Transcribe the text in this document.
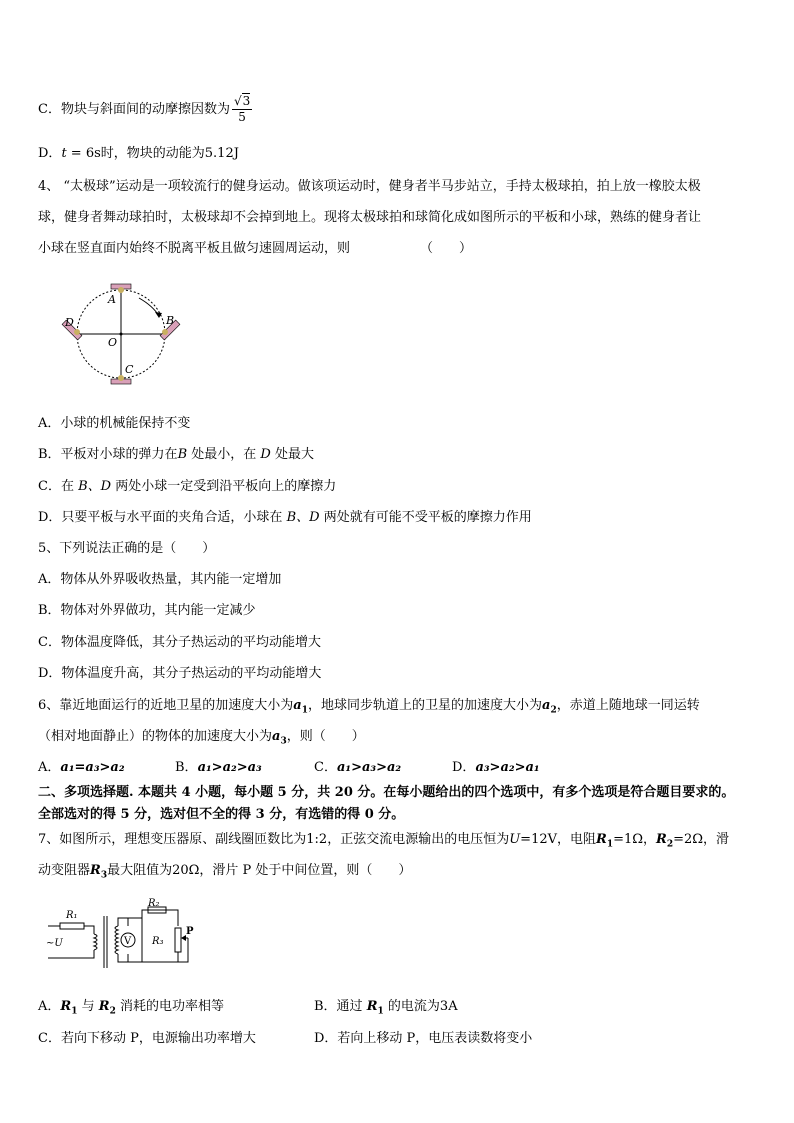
C．物块与斜面间的动摩擦因数为 $\frac{√3}{5}$
D．t = 6s时，物块的动能为5.12J
4、 “太极球”运动是一项较流行的健身运动。做该项运动时，健身者半马步站立，手持太极球拍，拍上放一橡胶太极
球，健身者舞动球拍时，太极球却不会掉到地上。现将太极球拍和球简化成如图所示的平板和小球，熟练的健身者让
小球在竖直面内始终不脱离平板且做匀速圆周运动，则	（　　）
A
B
D
C
O
A．小球的机械能保持不变
B．平板对小球的弹力在B 处最小，在 D 处最大
C．在 B、D 两处小球一定受到沿平板向上的摩擦力
D．只要平板与水平面的夹角合适，小球在 B、D 两处就有可能不受平板的摩擦力作用
5、下列说法正确的是（　　）
A．物体从外界吸收热量，其内能一定增加
B．物体对外界做功，其内能一定减少
C．物体温度降低，其分子热运动的平均动能增大
D．物体温度升高，其分子热运动的平均动能增大
6、靠近地面运行的近地卫星的加速度大小为$a_1$，地球同步轨道上的卫星的加速度大小为$a_2$，赤道上随地球一同运转
（相对地面静止）的物体的加速度大小为$a_3$，则（　　）
A．a₁=a₃>a₂	B．a₁>a₂>a₃	C．a₁>a₃>a₂	D．a₃>a₂>a₁
二、多项选择题. 本题共 4 小题，每小题 5 分，共 20 分。在每小题给出的四个选项中，有多个选项是符合题目要求的。
全部选对的得 5 分，选对但不全的得 3 分，有选错的得 0 分。
7、如图所示，理想变压器原、副线圈匝数比为1:2，正弦交流电源输出的电压恒为U=12V，电阻$R_1=1\Omega$，$R_2=2\Omega$，滑
动变阻器$R_3$最大阻值为20Ω，滑片 P 处于中间位置，则（　　）
V
R₁
R₂
R₃
~U
P
A．$R_1$ 与 $R_2$ 消耗的电功率相等	B．通过 $R_1$ 的电流为3A
C．若向下移动 P，电源输出功率增大	D．若向上移动 P，电压表读数将变小
